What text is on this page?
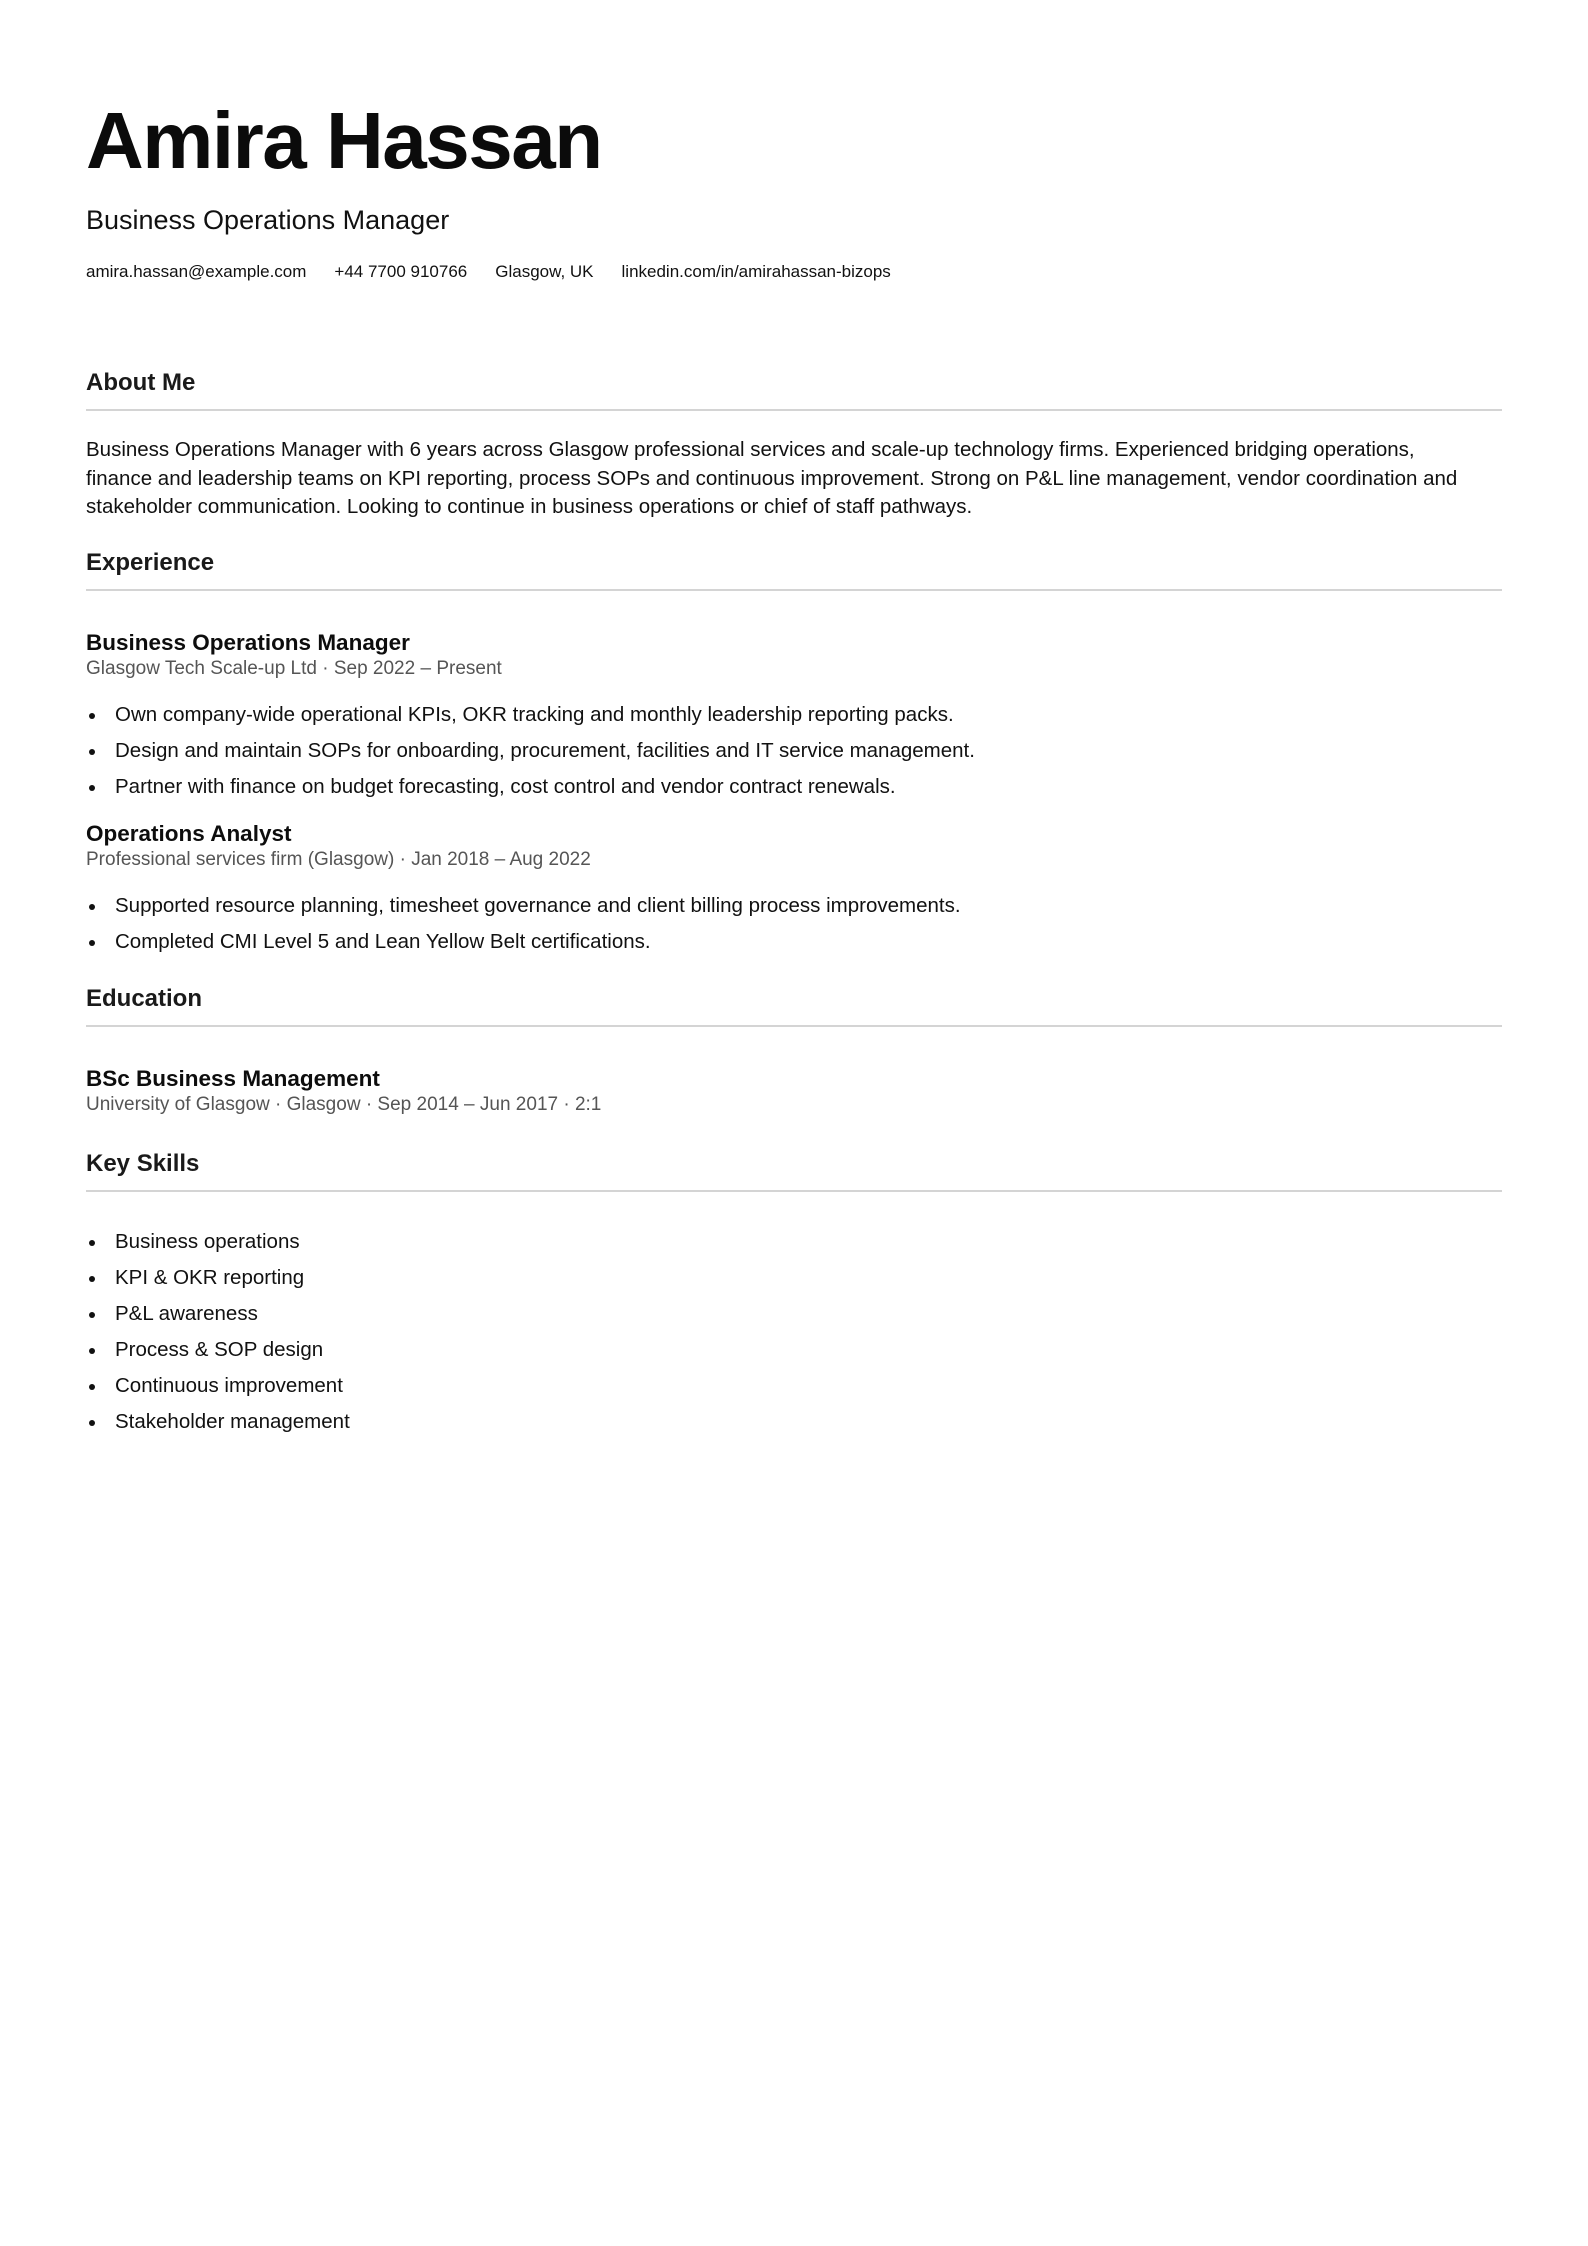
Amira Hassan
Business Operations Manager
amira.hassan@example.com +44 7700 910766 Glasgow, UK linkedin.com/in/amirahassan-bizops
About Me
Business Operations Manager with 6 years across Glasgow professional services and scale-up technology firms. Experienced bridging operations,
finance and leadership teams on KPI reporting, process SOPs and continuous improvement. Strong on P&L line management, vendor coordination and
stakeholder communication. Looking to continue in business operations or chief of staff pathways.
Experience
Business Operations Manager
Glasgow Tech Scale-up Ltd · Sep 2022 – Present
Own company-wide operational KPIs, OKR tracking and monthly leadership reporting packs.
Design and maintain SOPs for onboarding, procurement, facilities and IT service management.
Partner with finance on budget forecasting, cost control and vendor contract renewals.
Operations Analyst
Professional services firm (Glasgow) · Jan 2018 – Aug 2022
Supported resource planning, timesheet governance and client billing process improvements.
Completed CMI Level 5 and Lean Yellow Belt certifications.
Education
BSc Business Management
University of Glasgow · Glasgow · Sep 2014 – Jun 2017 · 2:1
Key Skills
Business operations
KPI & OKR reporting
P&L awareness
Process & SOP design
Continuous improvement
Stakeholder management
